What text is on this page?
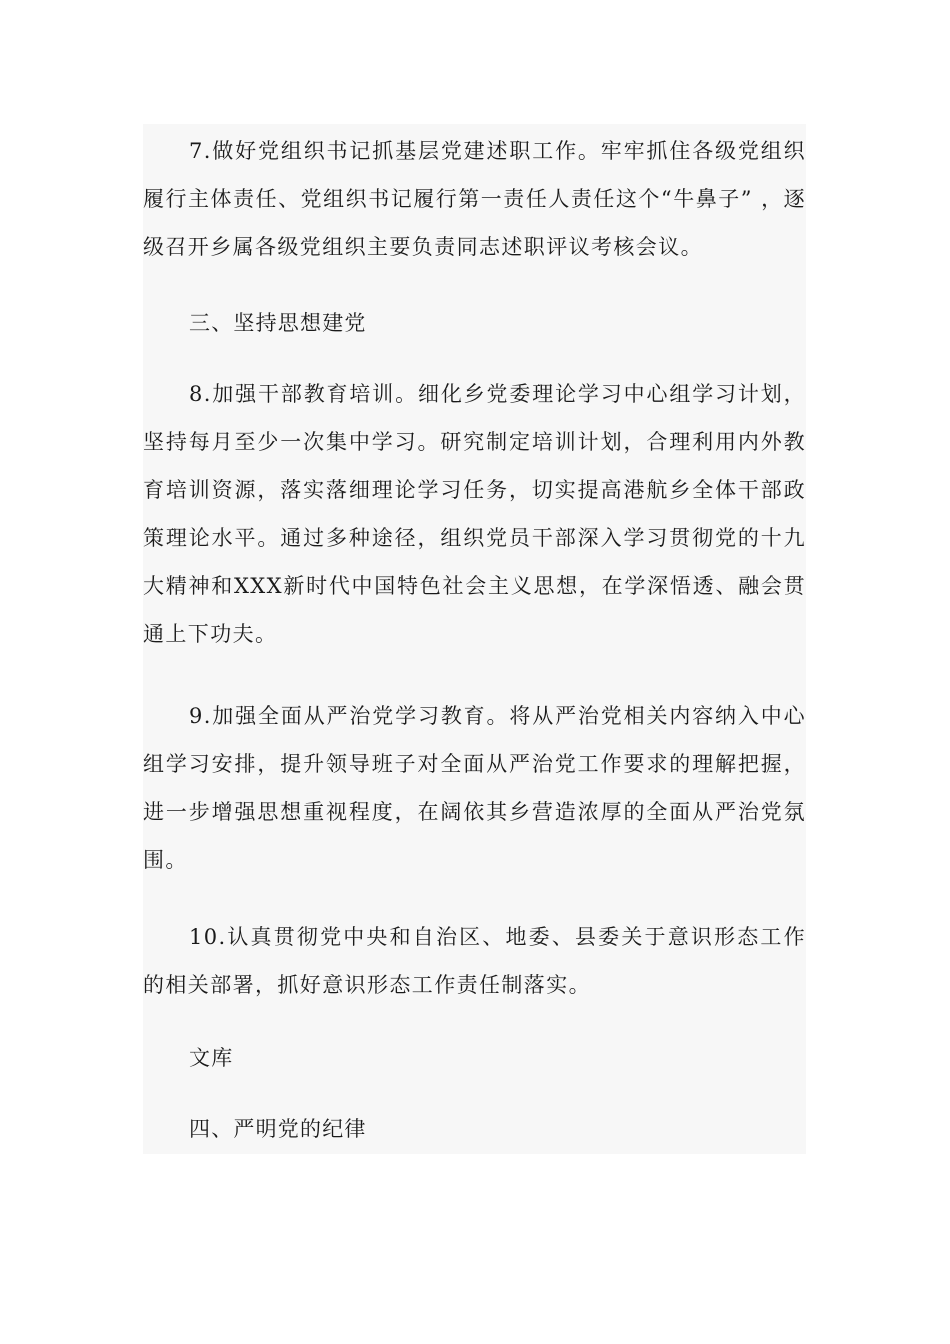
7.做好党组织书记抓基层党建述职工作。牢牢抓住各级党组织履行主体责任、党组织书记履行第一责任人责任这个“牛鼻子” ，逐级召开乡属各级党组织主要负责同志述职评议考核会议。

三、坚持思想建党

8.加强干部教育培训。细化乡党委理论学习中心组学习计划，坚持每月至少一次集中学习。研究制定培训计划，合理利用内外教育培训资源，落实落细理论学习任务，切实提高港航乡全体干部政策理论水平。通过多种途径，组织党员干部深入学习贯彻党的十九大精神和XXX新时代中国特色社会主义思想，在学深悟透、融会贯通上下功夫。

9.加强全面从严治党学习教育。将从严治党相关内容纳入中心组学习安排，提升领导班子对全面从严治党工作要求的理解把握，进一步增强思想重视程度，在阔依其乡营造浓厚的全面从严治党氛围。

10.认真贯彻党中央和自治区、地委、县委关于意识形态工作的相关部署，抓好意识形态工作责任制落实。

文库

四、严明党的纪律
